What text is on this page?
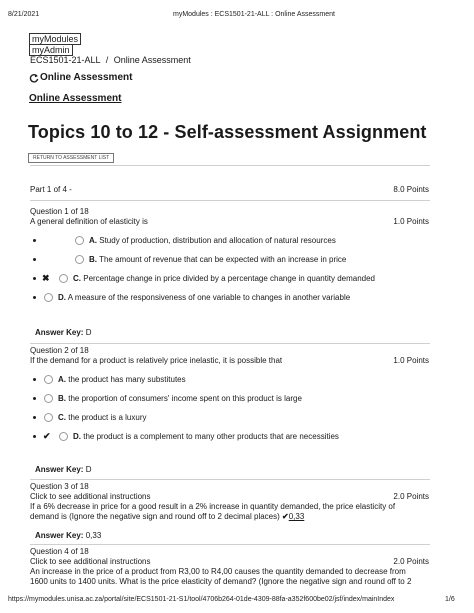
8/21/2021	myModules : ECS1501-21-ALL : Online Assessment
myModules
myAdmin
ECS1501-21-ALL / Online Assessment
Online Assessment
Online Assessment
Topics 10 to 12 - Self-assessment Assignment
RETURN TO ASSESSMENT LIST
Part 1 of 4 -	8.0 Points
Question 1 of 18
A general definition of elasticity is	1.0 Points
A. Study of production, distribution and allocation of natural resources
B. The amount of revenue that can be expected with an increase in price
✖	C. Percentage change in price divided by a percentage change in quantity demanded
D. A measure of the responsiveness of one variable to changes in another variable
Answer Key: D
Question 2 of 18
If the demand for a product is relatively price inelastic, it is possible that	1.0 Points
A. the product has many substitutes
B. the proportion of consumers' income spent on this product is large
C. the product is a luxury
✔	D. the product is a complement to many other products that are necessities
Answer Key: D
Question 3 of 18
Click to see additional instructions	2.0 Points
If a 6% decrease in price for a good result in a 2% increase in quantity demanded, the price elasticity of
demand is (Ignore the negative sign and round off to 2 decimal places) ✔0,33
Answer Key: 0,33
Question 4 of 18
Click to see additional instructions	2.0 Points
An increase in the price of a product from R3,00 to R4,00 causes the quantity demanded to decrease from
1600 units to 1400 units. What is the price elasticity of demand? (Ignore the negative sign and round off to 2
https://mymodules.unisa.ac.za/portal/site/ECS1501-21-S1/tool/4706b264-01de-4309-88fa-a352f600be02/jsf/index/mainIndex	1/6
